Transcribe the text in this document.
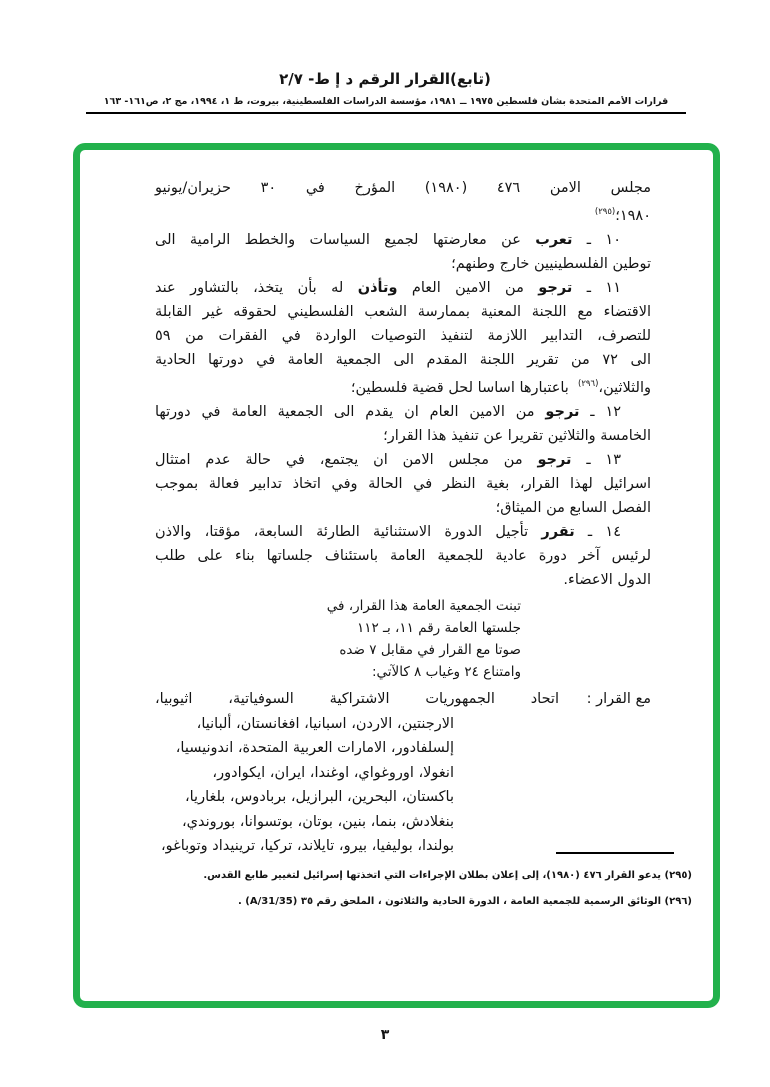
(تابع)القرار الرقم د إ ط- ٢/٧
قرارات الأمم المتحدة بشأن فلسطين ١٩٧٥ ــ ١٩٨١، مؤسسة الدراسات الفلسطينية، بيروت، ط ١، ١٩٩٤، مج ٢، ص١٦١- ١٦٣
مجلس الامن ٤٧٦ (١٩٨٠) المؤرخ في ٣٠ حزيران/يونيو
١٩٨٠؛$^{(٢٩٥)}$
١٠ ـ تعرب عن معارضتها لجميع السياسات والخطط الرامية الى
توطين الفلسطينيين خارج وطنهم؛
١١ ـ ترجو من الامين العام وتأذن له بأن يتخذ، بالتشاور عند
الاقتضاء مع اللجنة المعنية بممارسة الشعب الفلسطيني لحقوقه غير القابلة
للتصرف، التدابير اللازمة لتنفيذ التوصيات الواردة في الفقرات من ٥٩
الى ٧٢ من تقرير اللجنة المقدم الى الجمعية العامة في دورتها الحادية
والثلاثين،$^{(٢٩٦)}$  باعتبارها اساسا لحل قضية فلسطين؛
١٢ ـ ترجو من الامين العام ان يقدم الى الجمعية العامة في دورتها
الخامسة والثلاثين تقريرا عن تنفيذ هذا القرار؛
١٣ ـ ترجو من مجلس الامن ان يجتمع، في حالة عدم امتثال
اسرائيل لهذا القرار، بغية النظر في الحالة وفي اتخاذ تدابير فعالة بموجب
الفصل السابع من الميثاق؛
١٤ ـ تقرر تأجيل الدورة الاستثنائية الطارئة السابعة، مؤقتا، والاذن
لرئيس آخر دورة عادية للجمعية العامة باستئناف جلساتها بناء على طلب
الدول الاعضاء.
تبنت الجمعية العامة هذا القرار، في
جلستها العامة رقم ١١، بـ ١١٢
صوتا مع القرار في مقابل ٧ ضده
وامتناع ٢٤ وغياب ٨ كالآتي:
مع القرار :
اتحاد الجمهوريات الاشتراكية السوفياتية، اثيوبيا،
الارجنتين، الاردن، اسبانيا، افغانستان، ألبانيا،
إلسلفادور، الامارات العربية المتحدة، اندونيسيا،
انغولا، اوروغواي، اوغندا، ايران، ايكوادور،
باكستان، البحرين، البرازيل، بربادوس، بلغاريا،
بنغلادش، بنما، بنين، بوتان، بوتسوانا، بوروندي،
بولندا، بوليفيا، بيرو، تايلاند، تركيا، ترينيداد وتوباغو،
(٢٩٥) يدعو القرار ٤٧٦ (١٩٨٠)، إلى إعلان بطلان الإجراءات التي اتخذتها إسرائيل لتغيير طابع القدس.
(٢٩٦) الوثائق الرسمية للجمعية العامة ، الدورة الحادية والثلاثون ، الملحق رقم ٣٥ (A/31/35) .
٣
